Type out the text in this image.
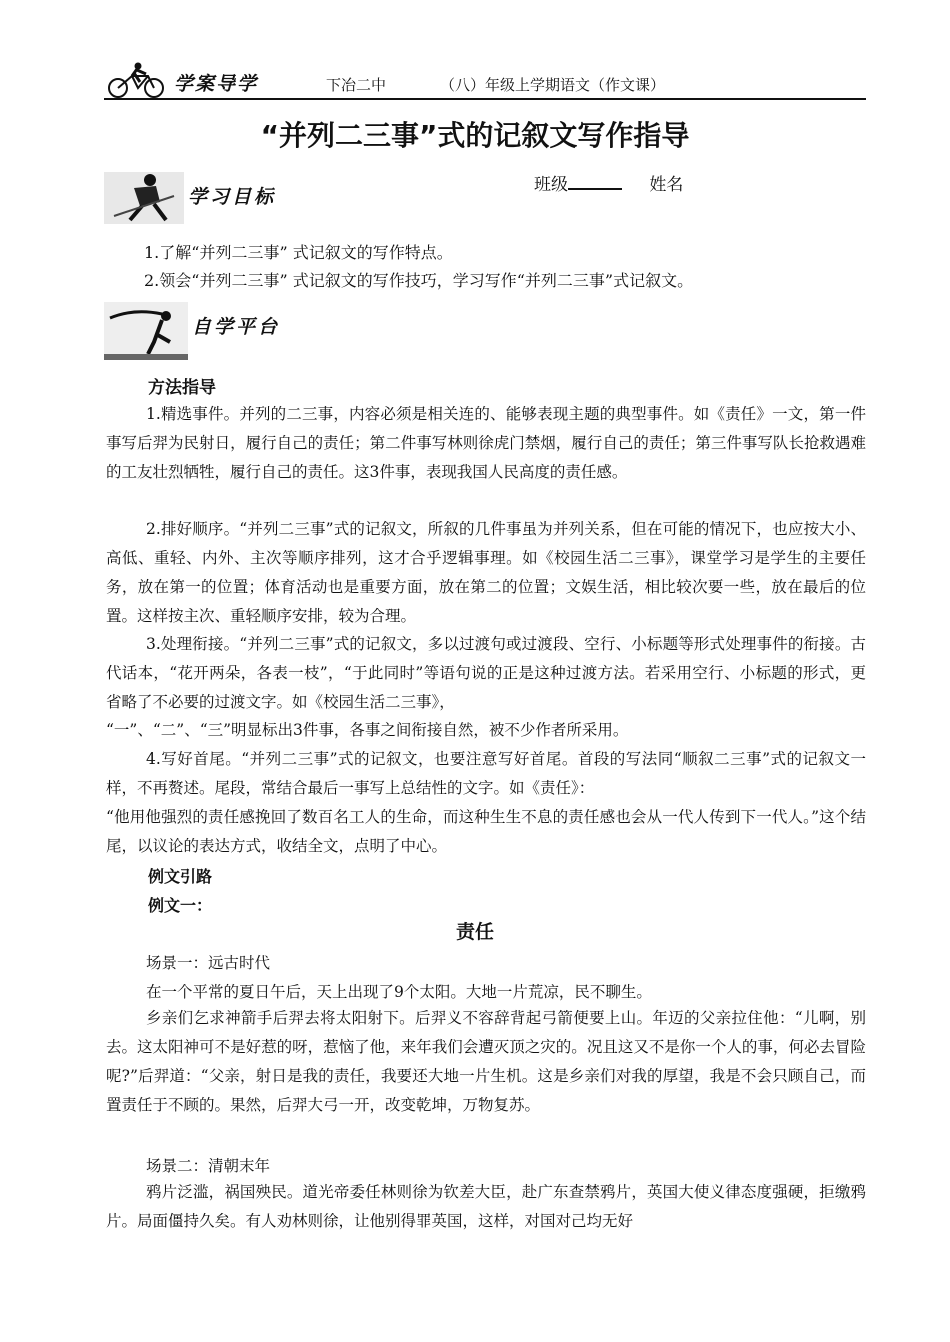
学案导学	下冶二中	（八）年级上学期语文（作文课）
“并列二三事”式的记叙文写作指导
学习目标
班级	姓名
1.了解“并列二三事” 式记叙文的写作特点。
2.领会“并列二三事” 式记叙文的写作技巧，学习写作“并列二三事”式记叙文。
自学平台
方法指导

1.精选事件。并列的二三事，内容必须是相关连的、能够表现主题的典型事件。如《责任》一文，第一件事写后羿为民射日，履行自己的责任；第二件事写林则徐虎门禁烟，履行自己的责任；第三件事写队长抢救遇难的工友壮烈牺牲，履行自己的责任。这3件事，表现我国人民高度的责任感。

2.排好顺序。“并列二三事”式的记叙文，所叙的几件事虽为并列关系，但在可能的情况下，也应按大小、高低、重轻、内外、主次等顺序排列，这才合乎逻辑事理。如《校园生活二三事》，课堂学习是学生的主要任务，放在第一的位置；体育活动也是重要方面，放在第二的位置；文娱生活，相比较次要一些，放在最后的位置。这样按主次、重轻顺序安排，较为合理。

3.处理衔接。“并列二三事”式的记叙文，多以过渡句或过渡段、空行、小标题等形式处理事件的衔接。古代话本，“花开两朵，各表一枝”，“于此同时”等语句说的正是这种过渡方法。若采用空行、小标题的形式，更省略了不必要的过渡文字。如《校园生活二三事》，

“一”、“二”、“三”明显标出3件事，各事之间衔接自然，被不少作者所采用。

4.写好首尾。“并列二三事”式的记叙文，也要注意写好首尾。首段的写法同“顺叙二三事”式的记叙文一样，不再赘述。尾段，常结合最后一事写上总结性的文字。如《责任》：

“他用他强烈的责任感挽回了数百名工人的生命，而这种生生不息的责任感也会从一代人传到下一代人。”这个结尾，以议论的表达方式，收结全文，点明了中心。

例文引路
例文一：
责任
场景一：远古时代
在一个平常的夏日午后，天上出现了9个太阳。大地一片荒凉，民不聊生。

乡亲们乞求神箭手后羿去将太阳射下。后羿义不容辞背起弓箭便要上山。年迈的父亲拉住他：“儿啊，别去。这太阳神可不是好惹的呀，惹恼了他，来年我们会遭灭顶之灾的。况且这又不是你一个人的事，何必去冒险呢?”后羿道：“父亲，射日是我的责任，我要还大地一片生机。这是乡亲们对我的厚望，我是不会只顾自己，而置责任于不顾的。果然，后羿大弓一开，改变乾坤，万物复苏。

场景二：清朝末年

鸦片泛滥，祸国殃民。道光帝委任林则徐为钦差大臣，赴广东查禁鸦片，英国大使义律态度强硬，拒缴鸦片。局面僵持久矣。有人劝林则徐，让他别得罪英国，这样，对国对己均无好
